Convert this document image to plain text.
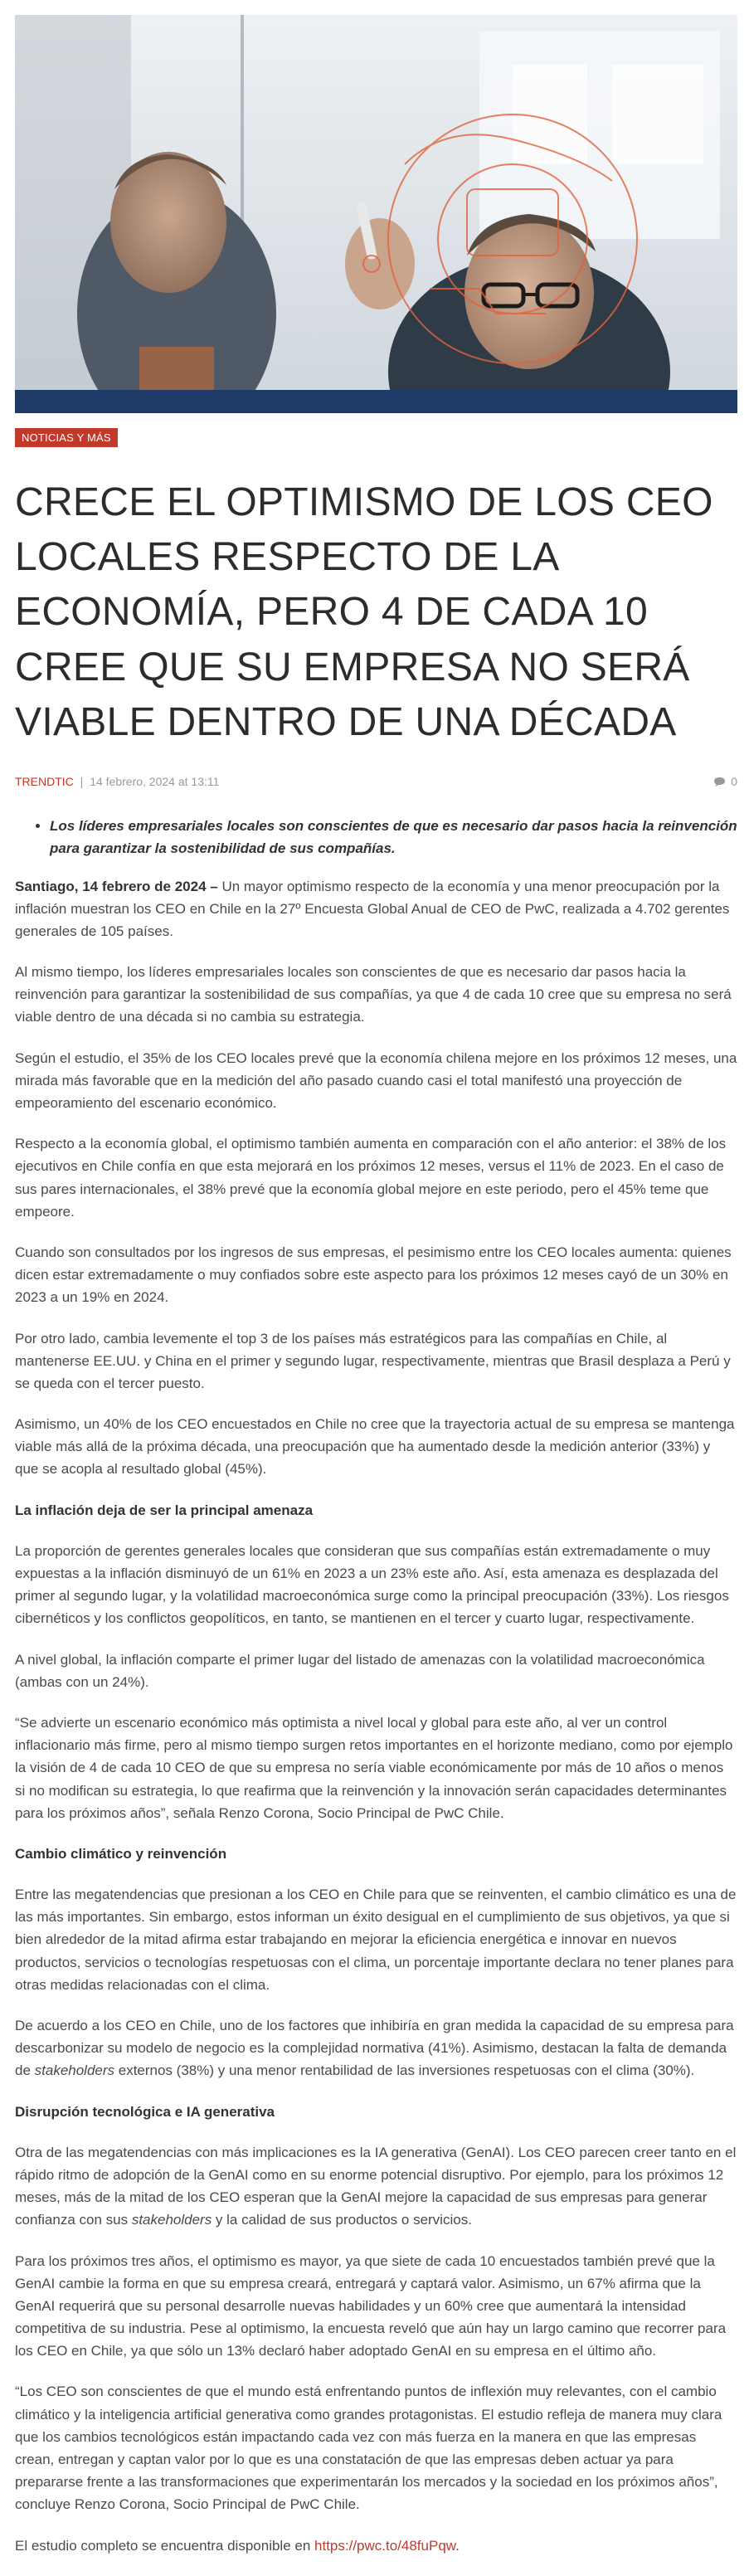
NOTICIAS Y MÁS
CRECE EL OPTIMISMO DE LOS CEO LOCALES RESPECTO DE LA ECONOMÍA, PERO 4 DE CADA 10 CREE QUE SU EMPRESA NO SERÁ VIABLE DENTRO DE UNA DÉCADA
TRENDTIC | 14 febrero, 2024 at 13:11	0
• Los líderes empresariales locales son conscientes de que es necesario dar pasos hacia la reinvención para garantizar la sostenibilidad de sus compañías.

Santiago, 14 febrero de 2024 – Un mayor optimismo respecto de la economía y una menor preocupación por la inflación muestran los CEO en Chile en la 27º Encuesta Global Anual de CEO de PwC, realizada a 4.702 gerentes generales de 105 países.

Al mismo tiempo, los líderes empresariales locales son conscientes de que es necesario dar pasos hacia la reinvención para garantizar la sostenibilidad de sus compañías, ya que 4 de cada 10 cree que su empresa no será viable dentro de una década si no cambia su estrategia.

Según el estudio, el 35% de los CEO locales prevé que la economía chilena mejore en los próximos 12 meses, una mirada más favorable que en la medición del año pasado cuando casi el total manifestó una proyección de empeoramiento del escenario económico.

Respecto a la economía global, el optimismo también aumenta en comparación con el año anterior: el 38% de los ejecutivos en Chile confía en que esta mejorará en los próximos 12 meses, versus el 11% de 2023. En el caso de sus pares internacionales, el 38% prevé que la economía global mejore en este periodo, pero el 45% teme que empeore.

Cuando son consultados por los ingresos de sus empresas, el pesimismo entre los CEO locales aumenta: quienes dicen estar extremadamente o muy confiados sobre este aspecto para los próximos 12 meses cayó de un 30% en 2023 a un 19% en 2024.

Por otro lado, cambia levemente el top 3 de los países más estratégicos para las compañías en Chile, al mantenerse EE.UU. y China en el primer y segundo lugar, respectivamente, mientras que Brasil desplaza a Perú y se queda con el tercer puesto.

Asimismo, un 40% de los CEO encuestados en Chile no cree que la trayectoria actual de su empresa se mantenga viable más allá de la próxima década, una preocupación que ha aumentado desde la medición anterior (33%) y que se acopla al resultado global (45%).

La inflación deja de ser la principal amenaza

La proporción de gerentes generales locales que consideran que sus compañías están extremadamente o muy expuestas a la inflación disminuyó de un 61% en 2023 a un 23% este año. Así, esta amenaza es desplazada del primer al segundo lugar, y la volatilidad macroeconómica surge como la principal preocupación (33%). Los riesgos cibernéticos y los conflictos geopolíticos, en tanto, se mantienen en el tercer y cuarto lugar, respectivamente.

A nivel global, la inflación comparte el primer lugar del listado de amenazas con la volatilidad macroeconómica (ambas con un 24%).

“Se advierte un escenario económico más optimista a nivel local y global para este año, al ver un control inflacionario más firme, pero al mismo tiempo surgen retos importantes en el horizonte mediano, como por ejemplo la visión de 4 de cada 10 CEO de que su empresa no sería viable económicamente por más de 10 años o menos si no modifican su estrategia, lo que reafirma que la reinvención y la innovación serán capacidades determinantes para los próximos años”, señala Renzo Corona, Socio Principal de PwC Chile.

Cambio climático y reinvención

Entre las megatendencias que presionan a los CEO en Chile para que se reinventen, el cambio climático es una de las más importantes. Sin embargo, estos informan un éxito desigual en el cumplimiento de sus objetivos, ya que si bien alrededor de la mitad afirma estar trabajando en mejorar la eficiencia energética e innovar en nuevos productos, servicios o tecnologías respetuosas con el clima, un porcentaje importante declara no tener planes para otras medidas relacionadas con el clima.

De acuerdo a los CEO en Chile, uno de los factores que inhibiría en gran medida la capacidad de su empresa para descarbonizar su modelo de negocio es la complejidad normativa (41%). Asimismo, destacan la falta de demanda de stakeholders externos (38%) y una menor rentabilidad de las inversiones respetuosas con el clima (30%).

Disrupción tecnológica e IA generativa

Otra de las megatendencias con más implicaciones es la IA generativa (GenAI). Los CEO parecen creer tanto en el rápido ritmo de adopción de la GenAI como en su enorme potencial disruptivo. Por ejemplo, para los próximos 12 meses, más de la mitad de los CEO esperan que la GenAI mejore la capacidad de sus empresas para generar confianza con sus stakeholders y la calidad de sus productos o servicios.

Para los próximos tres años, el optimismo es mayor, ya que siete de cada 10 encuestados también prevé que la GenAI cambie la forma en que su empresa creará, entregará y captará valor. Asimismo, un 67% afirma que la GenAI requerirá que su personal desarrolle nuevas habilidades y un 60% cree que aumentará la intensidad competitiva de su industria. Pese al optimismo, la encuesta reveló que aún hay un largo camino que recorrer para los CEO en Chile, ya que sólo un 13% declaró haber adoptado GenAI en su empresa en el último año.

“Los CEO son conscientes de que el mundo está enfrentando puntos de inflexión muy relevantes, con el cambio climático y la inteligencia artificial generativa como grandes protagonistas. El estudio refleja de manera muy clara que los cambios tecnológicos están impactando cada vez con más fuerza en la manera en que las empresas crean, entregan y captan valor por lo que es una constatación de que las empresas deben actuar ya para prepararse frente a las transformaciones que experimentarán los mercados y la sociedad en los próximos años”, concluye Renzo Corona, Socio Principal de PwC Chile.

El estudio completo se encuentra disponible en https://pwc.to/48fuPqw.
